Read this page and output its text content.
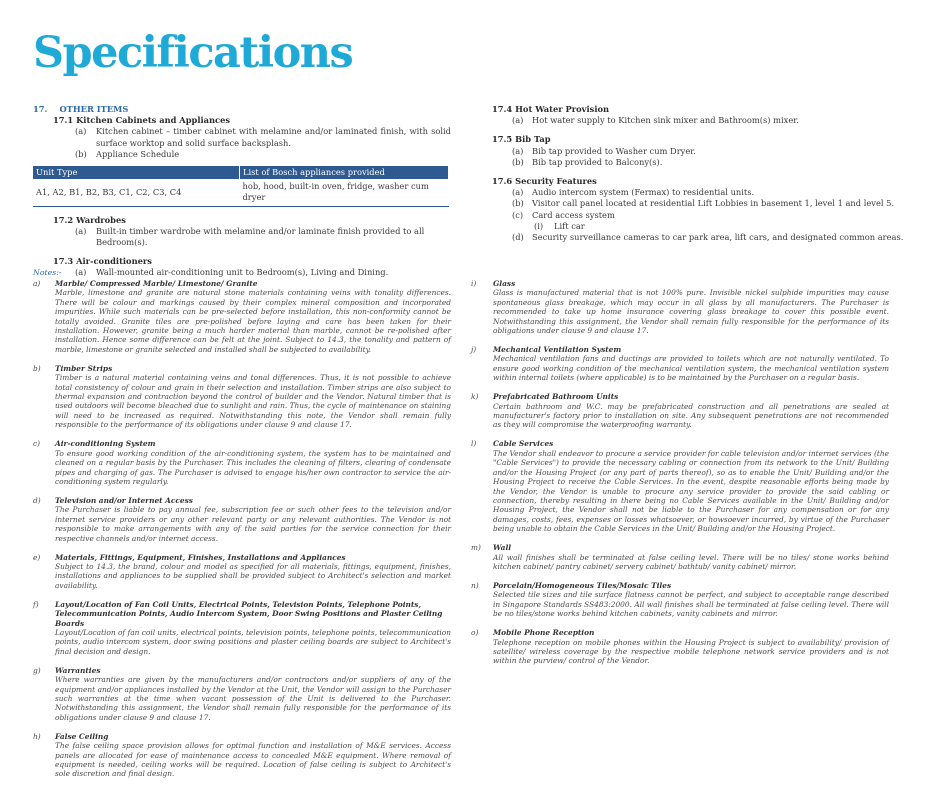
Specifications
17. OTHER ITEMS
17.1 Kitchen Cabinets and Appliances
(a) Kitchen cabinet – timber cabinet with melamine and/or laminated finish, with solid surface worktop and solid surface backsplash.
(b) Appliance Schedule
Unit Type	List of Bosch appliances provided
A1, A2, B1, B2, B3, C1, C2, C3, C4	hob, hood, built-in oven, fridge, washer cum dryer
17.2 Wardrobes
(a) Built-in timber wardrobe with melamine and/or laminate finish provided to all Bedroom(s).
17.3 Air-conditioners
(a) Wall-mounted air-conditioning unit to Bedroom(s), Living and Dining.
17.4 Hot Water Provision
(a) Hot water supply to Kitchen sink mixer and Bathroom(s) mixer.
17.5 Bib Tap
(a) Bib tap provided to Washer cum Dryer.
(b) Bib tap provided to Balcony(s).
17.6 Security Features
(a) Audio intercom system (Fermax) to residential units.
(b) Visitor call panel located at residential Lift Lobbies in basement 1, level 1 and level 5.
(c) Card access system
(i) Lift car
(d) Security surveillance cameras to car park area, lift cars, and designated common areas.
Notes:-
a) Marble/ Compressed Marble/ Limestone/ Granite
Marble, limestone and granite are natural stone materials containing veins with tonality differences. There will be colour and markings caused by their complex mineral composition and incorporated impurities. While such materials can be pre-selected before installation, this non-conformity cannot be totally avoided. Granite tiles are pre-polished before laying and care has been taken for their installation. However, granite being a much harder material than marble, cannot be re-polished after installation. Hence some difference can be felt at the joint. Subject to 14.3, the tonality and pattern of marble, limestone or granite selected and installed shall be subjected to availability.
b) Timber Strips
Timber is a natural material containing veins and tonal differences. Thus, it is not possible to achieve total consistency of colour and grain in their selection and installation. Timber strips are also subject to thermal expansion and contraction beyond the control of builder and the Vendor. Natural timber that is used outdoors will become bleached due to sunlight and rain. Thus, the cycle of maintenance on staining will need to be increased as required. Notwithstanding this note, the Vendor shall remain fully responsible to the performance of its obligations under clause 9 and clause 17.
c) Air-conditioning System
To ensure good working condition of the air-conditioning system, the system has to be maintained and cleaned on a regular basis by the Purchaser. This includes the cleaning of filters, clearing of condensate pipes and charging of gas. The Purchaser is advised to engage his/her own contractor to service the air-conditioning system regularly.
d) Television and/or Internet Access
The Purchaser is liable to pay annual fee, subscription fee or such other fees to the television and/or internet service providers or any other relevant party or any relevant authorities. The Vendor is not responsible to make arrangements with any of the said parties for the service connection for their respective channels and/or internet access.
e) Materials, Fittings, Equipment, Finishes, Installations and Appliances
Subject to 14.3, the brand, colour and model as specified for all materials, fittings, equipment, finishes, installations and appliances to be supplied shall be provided subject to Architect's selection and market availability.
f) Layout/Location of Fan Coil Units, Electrical Points, Television Points, Telephone Points, Telecommunication Points, Audio Intercom System, Door Swing Positions and Plaster Ceiling Boards
Layout/Location of fan coil units, electrical points, television points, telephone points, telecommunication points, audio intercom system, door swing positions and plaster ceiling boards are subject to Architect's final decision and design.
g) Warranties
Where warranties are given by the manufacturers and/or contractors and/or suppliers of any of the equipment and/or appliances installed by the Vendor at the Unit, the Vendor will assign to the Purchaser such warranties at the time when vacant possession of the Unit is delivered to the Purchaser. Notwithstanding this assignment, the Vendor shall remain fully responsible for the performance of its obligations under clause 9 and clause 17.
h) False Ceiling
The false ceiling space provision allows for optimal function and installation of M&E services. Access panels are allocated for ease of maintenance access to concealed M&E equipment. Where removal of equipment is needed, ceiling works will be required. Location of false ceiling is subject to Architect's sole discretion and final design.
i) Glass
Glass is manufactured material that is not 100% pure. Invisible nickel sulphide impurities may cause spontaneous glass breakage, which may occur in all glass by all manufacturers. The Purchaser is recommended to take up home insurance covering glass breakage to cover this possible event. Notwithstanding this assignment, the Vendor shall remain fully responsible for the performance of its obligations under clause 9 and clause 17.
j) Mechanical Ventilation System
Mechanical ventilation fans and ductings are provided to toilets which are not naturally ventilated. To ensure good working condition of the mechanical ventilation system, the mechanical ventilation system within internal toilets (where applicable) is to be maintained by the Purchaser on a regular basis.
k) Prefabricated Bathroom Units
Certain bathroom and W.C. may be prefabricated construction and all penetrations are sealed at manufacturer's factory prior to installation on site. Any subsequent penetrations are not recommended as they will compromise the waterproofing warranty.
l) Cable Services
The Vendor shall endeavor to procure a service provider for cable television and/or internet services (the "Cable Services") to provide the necessary cabling or connection from its network to the Unit/ Building and/or the Housing Project (or any part of parts thereof), so as to enable the Unit/ Building and/or the Housing Project to receive the Cable Services. In the event, despite reasonable efforts being made by the Vendor, the Vendor is unable to procure any service provider to provide the said cabling or connection, thereby resulting in there being no Cable Services available in the Unit/ Building and/or Housing Project, the Vendor shall not be liable to the Purchaser for any compensation or for any damages, costs, fees, expenses or losses whatsoever, or howsoever incurred, by virtue of the Purchaser being unable to obtain the Cable Services in the Unit/ Building and/or the Housing Project.
m) Wall
All wall finishes shall be terminated at false ceiling level. There will be no tiles/ stone works behind kitchen cabinet/ pantry cabinet/ servery cabinet/ bathtub/ vanity cabinet/ mirror.
n) Porcelain/Homogeneous Tiles/Mosaic Tiles
Selected tile sizes and tile surface flatness cannot be perfect, and subject to acceptable range described in Singapore Standards SS483:2000. All wall finishes shall be terminated at false ceiling level. There will be no tiles/stone works behind kitchen cabinets, vanity cabinets and mirror.
o) Mobile Phone Reception
Telephone reception on mobile phones within the Housing Project is subject to availability/ provision of satellite/ wireless coverage by the respective mobile telephone network service providers and is not within the purview/ control of the Vendor.
